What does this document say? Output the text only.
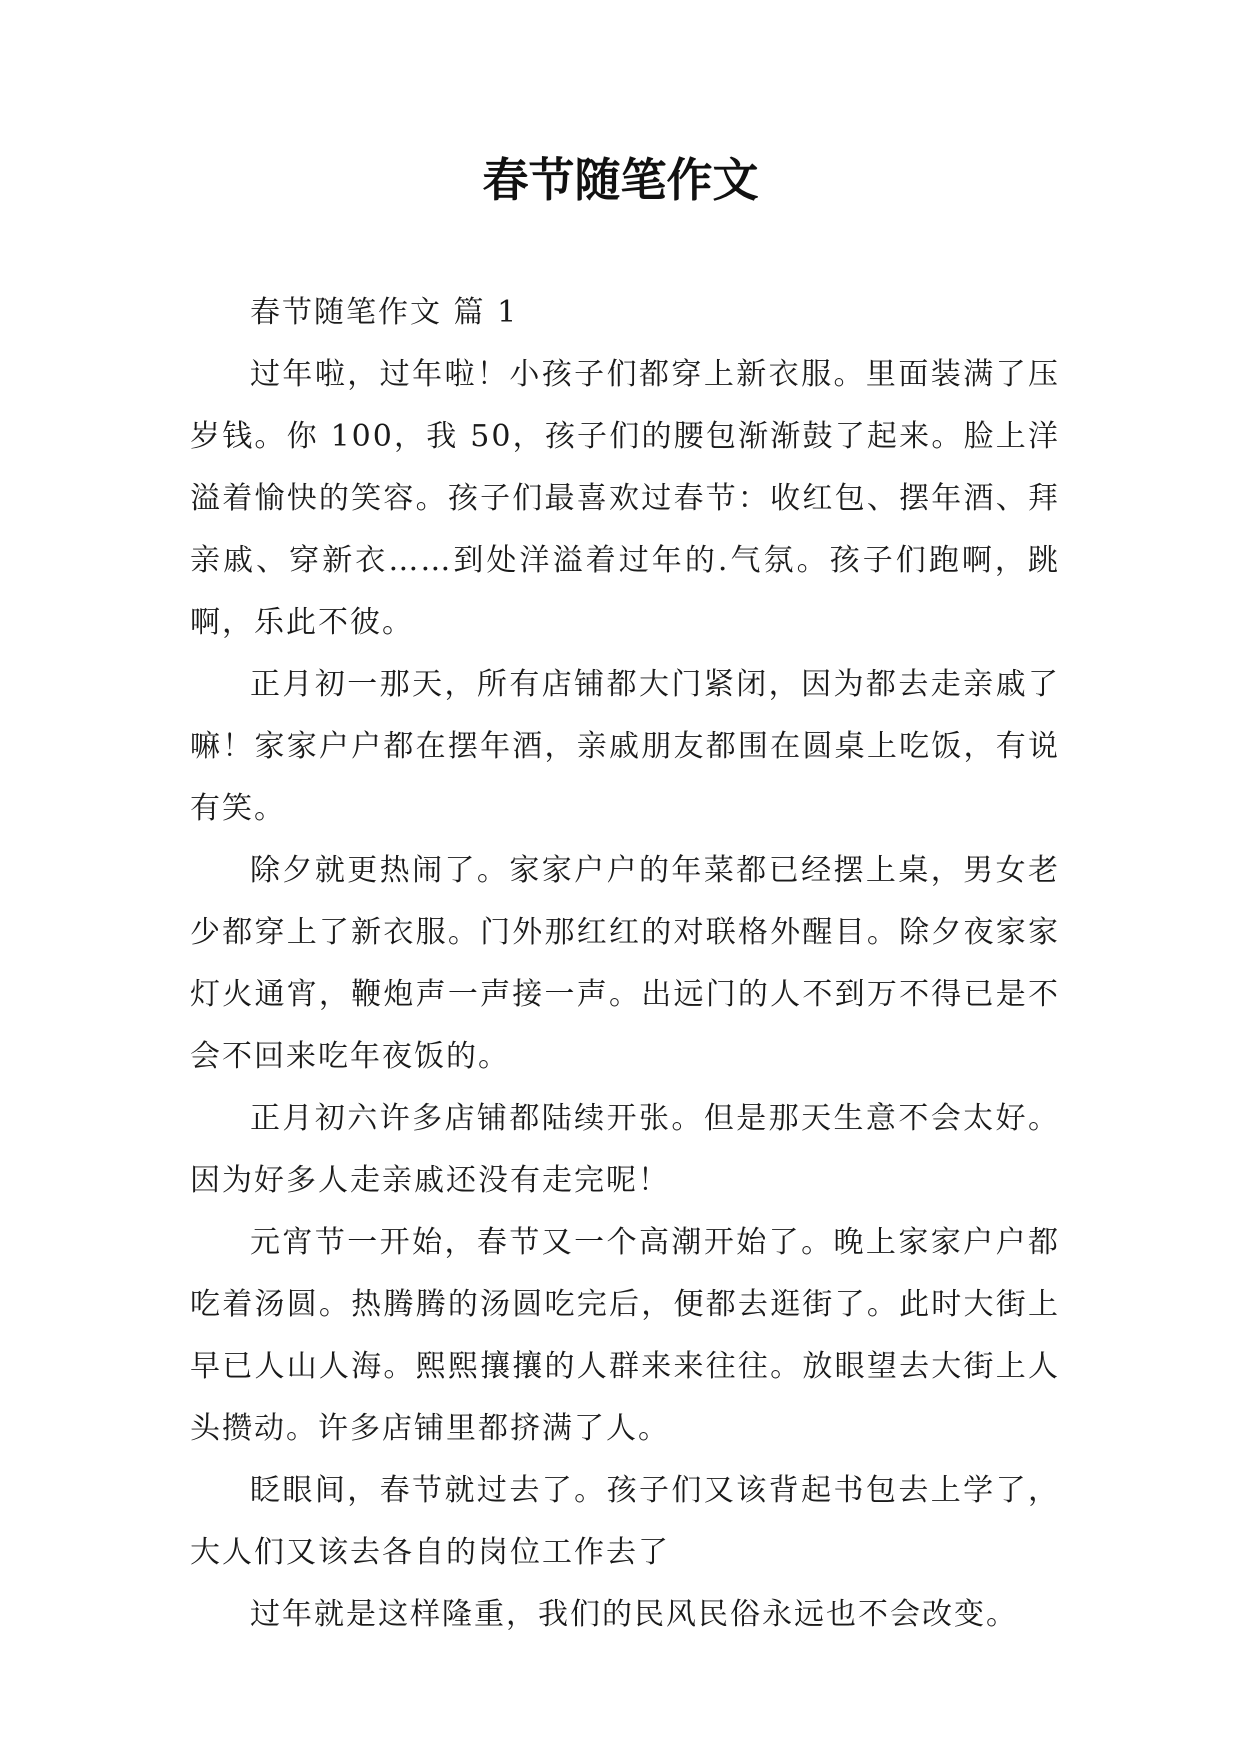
春节随笔作文

春节随笔作文 篇 1

过年啦，过年啦！小孩子们都穿上新衣服。里面装满了压岁钱。你 100，我 50，孩子们的腰包渐渐鼓了起来。脸上洋溢着愉快的笑容。孩子们最喜欢过春节：收红包、摆年酒、拜亲戚、穿新衣……到处洋溢着过年的.气氛。孩子们跑啊，跳啊，乐此不彼。

正月初一那天，所有店铺都大门紧闭，因为都去走亲戚了嘛！家家户户都在摆年酒，亲戚朋友都围在圆桌上吃饭，有说有笑。

除夕就更热闹了。家家户户的年菜都已经摆上桌，男女老少都穿上了新衣服。门外那红红的对联格外醒目。除夕夜家家灯火通宵，鞭炮声一声接一声。出远门的人不到万不得已是不会不回来吃年夜饭的。

正月初六许多店铺都陆续开张。但是那天生意不会太好。因为好多人走亲戚还没有走完呢！

元宵节一开始，春节又一个高潮开始了。晚上家家户户都吃着汤圆。热腾腾的汤圆吃完后，便都去逛街了。此时大街上早已人山人海。熙熙攘攘的人群来来往往。放眼望去大街上人头攒动。许多店铺里都挤满了人。

眨眼间，春节就过去了。孩子们又该背起书包去上学了，大人们又该去各自的岗位工作去了

过年就是这样隆重，我们的民风民俗永远也不会改变。
